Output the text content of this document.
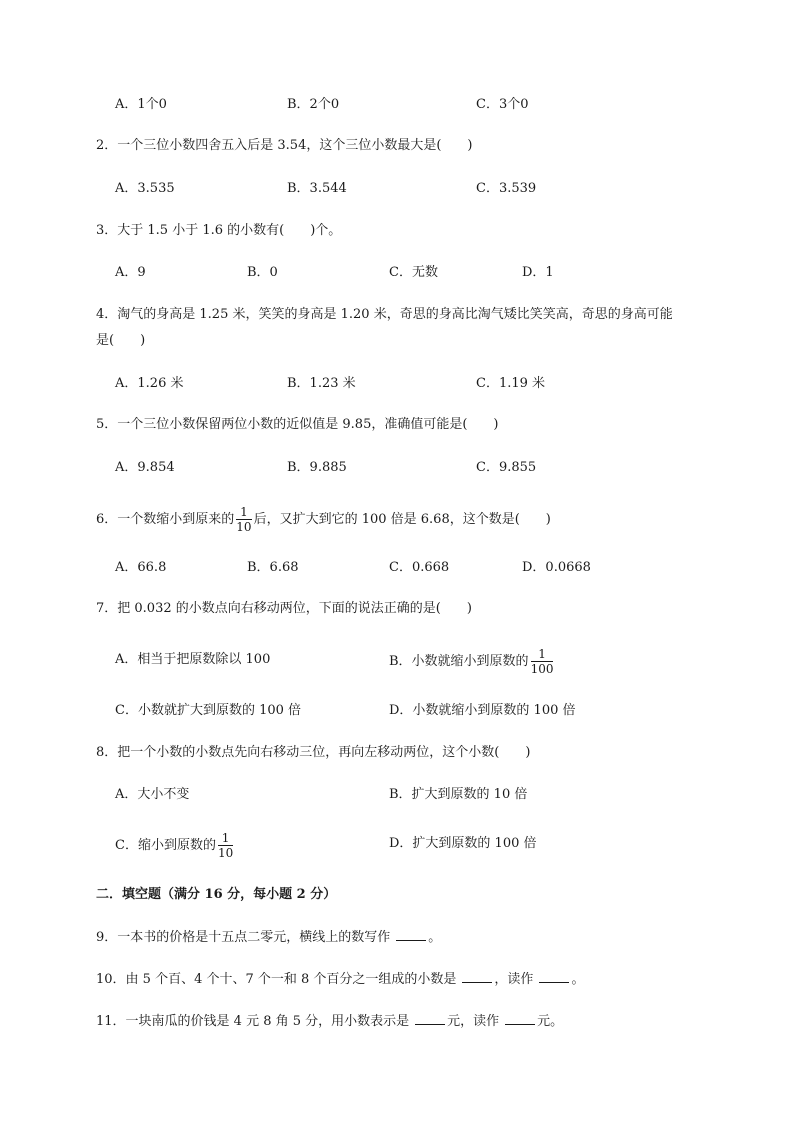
A．1个0	B．2个0	C．3个0
2．一个三位小数四舍五入后是 3.54，这个三位小数最大是(　　)
A．3.535	B．3.544	C．3.539
3．大于 1.5 小于 1.6 的小数有(　　)个。
A．9	B．0	C．无数	D．1
4．淘气的身高是 1.25 米，笑笑的身高是 1.20 米，奇思的身高比淘气矮比笑笑高，奇思的身高可能
是(　　)
A．1.26 米	B．1.23 米	C．1.19 米
5．一个三位小数保留两位小数的近似值是 9.85，准确值可能是(　　)
A．9.854	B．9.885	C．9.855
6．一个数缩小到原来的 $\frac{1}{10}$ 后，又扩大到它的 100 倍是 6.68，这个数是(　　)
A．66.8	B．6.68	C．0.668	D．0.0668
7．把 0.032 的小数点向右移动两位，下面的说法正确的是(　　)
A．相当于把原数除以 100	B．小数就缩小到原数的 $\frac{1}{100}$
C．小数就扩大到原数的 100 倍	D．小数就缩小到原数的 100 倍
8．把一个小数的小数点先向右移动三位，再向左移动两位，这个小数(　　)
A．大小不变	B．扩大到原数的 10 倍
C．缩小到原数的 $\frac{1}{10}$	D．扩大到原数的 100 倍
二．填空题（满分 16 分，每小题 2 分）
9．一本书的价格是十五点二零元，横线上的数写作	。
10．由 5 个百、4 个十、7 个一和 8 个百分之一组成的小数是	，读作	。
11．一块南瓜的价钱是 4 元 8 角 5 分，用小数表示是	元，读作	元。
